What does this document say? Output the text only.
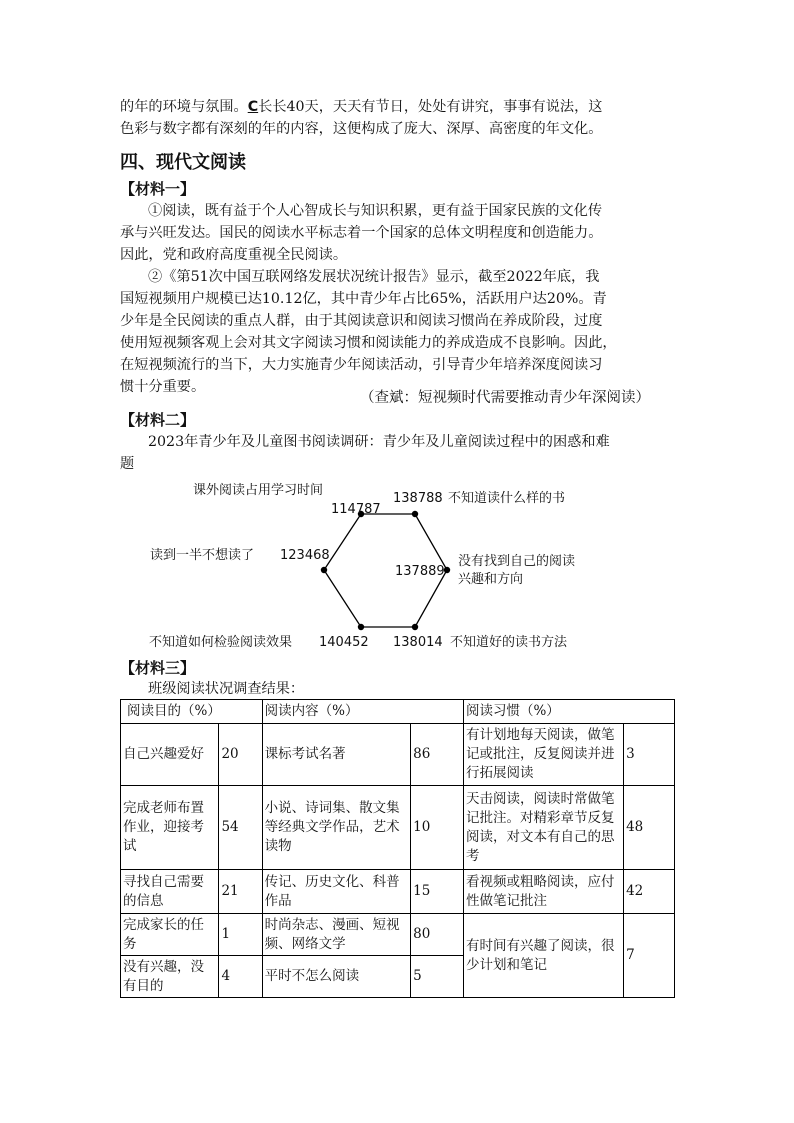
的年的环境与氛围。C长长40天，天天有节日，处处有讲究，事事有说法，这
色彩与数字都有深刻的年的内容，这便构成了庞大、深厚、高密度的年文化。
四、现代文阅读
【材料一】
①阅读，既有益于个人心智成长与知识积累，更有益于国家民族的文化传
承与兴旺发达。国民的阅读水平标志着一个国家的总体文明程度和创造能力。
因此，党和政府高度重视全民阅读。
②《第51次中国互联网络发展状况统计报告》显示，截至2022年底，我
国短视频用户规模已达10.12亿，其中青少年占比65%，活跃用户达20%。青
少年是全民阅读的重点人群，由于其阅读意识和阅读习惯尚在养成阶段，过度
使用短视频客观上会对其文字阅读习惯和阅读能力的养成造成不良影响。因此，
在短视频流行的当下，大力实施青少年阅读活动，引导青少年培养深度阅读习
惯十分重要。
（查斌：短视频时代需要推动青少年深阅读）
【材料二】
2023年青少年及儿童图书阅读调研：青少年及儿童阅读过程中的困惑和难
题
课外阅读占用学习时间
114787
138788 不知道读什么样的书
没有找到自己的阅读
兴趣和方向
137889
138014 不知道好的读书方法
不知道如何检验阅读效果 140452
读到一半不想读了 123468
【材料三】
班级阅读状况调查结果：
阅读目的（%）		阅读内容（%）		阅读习惯（%）	
自己兴趣爱好	20	课标考试名著	86	有计划地每天阅读，做笔记或批注，反复阅读并进行拓展阅读	3
完成老师布置作业，迎接考试	54	小说、诗词集、散文集等经典文学作品，艺术读物	10	天击阅读，阅读时常做笔记批注。对精彩章节反复阅读，对文本有自己的思考	48
寻找自己需要的信息	21	传记、历史文化、科普作品	15	看视频或粗略阅读，应付性做笔记批注	42
完成家长的任务	1	时尚杂志、漫画、短视频、网络文学	80	有时间有兴趣了阅读，很少计划和笔记	7
没有兴趣，没有目的	4	平时不怎么阅读	5		
